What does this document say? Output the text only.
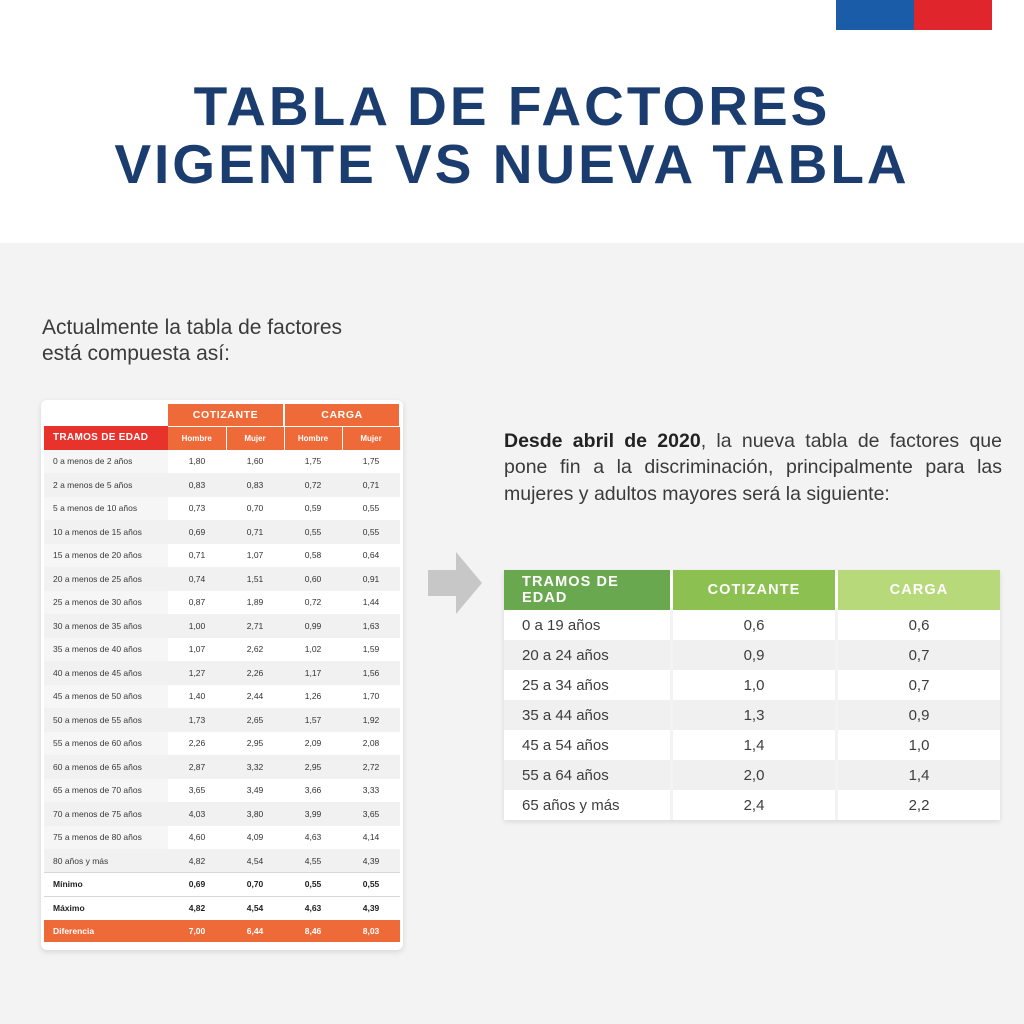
TABLA DE FACTORES
VIGENTE VS NUEVA TABLA
Actualmente la tabla de factores
está compuesta así:
	COTIZANTE		CARGA	
TRAMOS DE EDAD	Hombre	Mujer	Hombre	Mujer
0 a menos de 2 años	1,80	1,60	1,75	1,75
2 a menos de 5 años	0,83	0,83	0,72	0,71
5 a menos de 10 años	0,73	0,70	0,59	0,55
10 a menos de 15 años	0,69	0,71	0,55	0,55
15 a menos de 20 años	0,71	1,07	0,58	0,64
20 a menos de 25 años	0,74	1,51	0,60	0,91
25 a menos de 30 años	0,87	1,89	0,72	1,44
30 a menos de 35 años	1,00	2,71	0,99	1,63
35 a menos de 40 años	1,07	2,62	1,02	1,59
40 a menos de 45 años	1,27	2,26	1,17	1,56
45 a menos de 50 años	1,40	2,44	1,26	1,70
50 a menos de 55 años	1,73	2,65	1,57	1,92
55 a menos de 60 años	2,26	2,95	2,09	2,08
60 a menos de 65 años	2,87	3,32	2,95	2,72
65 a menos de 70 años	3,65	3,49	3,66	3,33
70 a menos de 75 años	4,03	3,80	3,99	3,65
75 a menos de 80 años	4,60	4,09	4,63	4,14
80 años y más	4,82	4,54	4,55	4,39
Mínimo	0,69	0,70	0,55	0,55
Máximo	4,82	4,54	4,63	4,39
Diferencia	7,00	6,44	8,46	8,03
Desde abril de 2020, la nueva tabla de factores que pone fin a la discriminación, principalmente para las mujeres y adultos mayores será la siguiente:
TRAMOS DE EDAD	COTIZANTE	CARGA
0 a 19 años	0,6	0,6
20 a 24 años	0,9	0,7
25 a 34 años	1,0	0,7
35 a 44 años	1,3	0,9
45 a 54 años	1,4	1,0
55 a 64 años	2,0	1,4
65 años y más	2,4	2,2
